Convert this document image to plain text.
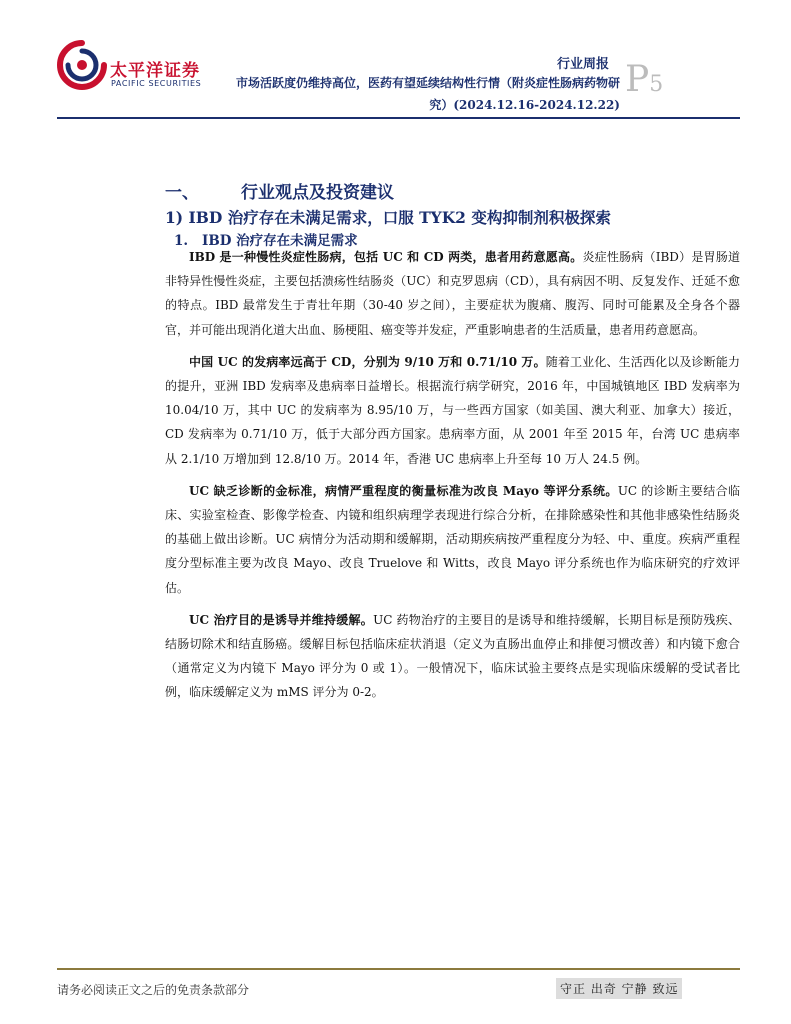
太平洋证券
PACIFIC SECURITIES
行业周报 P5
市场活跃度仍维持高位，医药有望延续结构性行情（附炎症性肠病药物研究）(2024.12.16-2024.12.22)
一、 行业观点及投资建议
1) IBD 治疗存在未满足需求，口服 TYK2 变构抑制剂积极探索
1. IBD 治疗存在未满足需求

IBD 是一种慢性炎症性肠病，包括 UC 和 CD 两类，患者用药意愿高。炎症性肠病（IBD）是胃肠道非特异性慢性炎症，主要包括溃疡性结肠炎（UC）和克罗恩病（CD），具有病因不明、反复发作、迁延不愈的特点。IBD 最常发生于青壮年期（30-40 岁之间），主要症状为腹痛、腹泻、同时可能累及全身各个器官，并可能出现消化道大出血、肠梗阻、癌变等并发症，严重影响患者的生活质量，患者用药意愿高。

中国 UC 的发病率远高于 CD，分别为 9/10 万和 0.71/10 万。随着工业化、生活西化以及诊断能力的提升，亚洲 IBD 发病率及患病率日益增长。根据流行病学研究，2016 年，中国城镇地区 IBD 发病率为 10.04/10 万，其中 UC 的发病率为 8.95/10 万，与一些西方国家（如美国、澳大利亚、加拿大）接近，CD 发病率为 0.71/10 万，低于大部分西方国家。患病率方面，从 2001 年至 2015 年，台湾 UC 患病率从 2.1/10 万增加到 12.8/10 万。2014 年，香港 UC 患病率上升至每 10 万人 24.5 例。

UC 缺乏诊断的金标准，病情严重程度的衡量标准为改良 Mayo 等评分系统。UC 的诊断主要结合临床、实验室检查、影像学检查、内镜和组织病理学表现进行综合分析，在排除感染性和其他非感染性结肠炎的基础上做出诊断。UC 病情分为活动期和缓解期，活动期疾病按严重程度分为轻、中、重度。疾病严重程度分型标准主要为改良 Mayo、改良 Truelove 和 Witts，改良 Mayo 评分系统也作为临床研究的疗效评估。

UC 治疗目的是诱导并维持缓解。UC 药物治疗的主要目的是诱导和维持缓解，长期目标是预防残疾、结肠切除术和结直肠癌。缓解目标包括临床症状消退（定义为直肠出血停止和排便习惯改善）和内镜下愈合（通常定义为内镜下 Mayo 评分为 0 或 1）。一般情况下，临床试验主要终点是实现临床缓解的受试者比例，临床缓解定义为 mMS 评分为 0-2。

请务必阅读正文之后的免责条款部分	守正 出奇 宁静 致远
